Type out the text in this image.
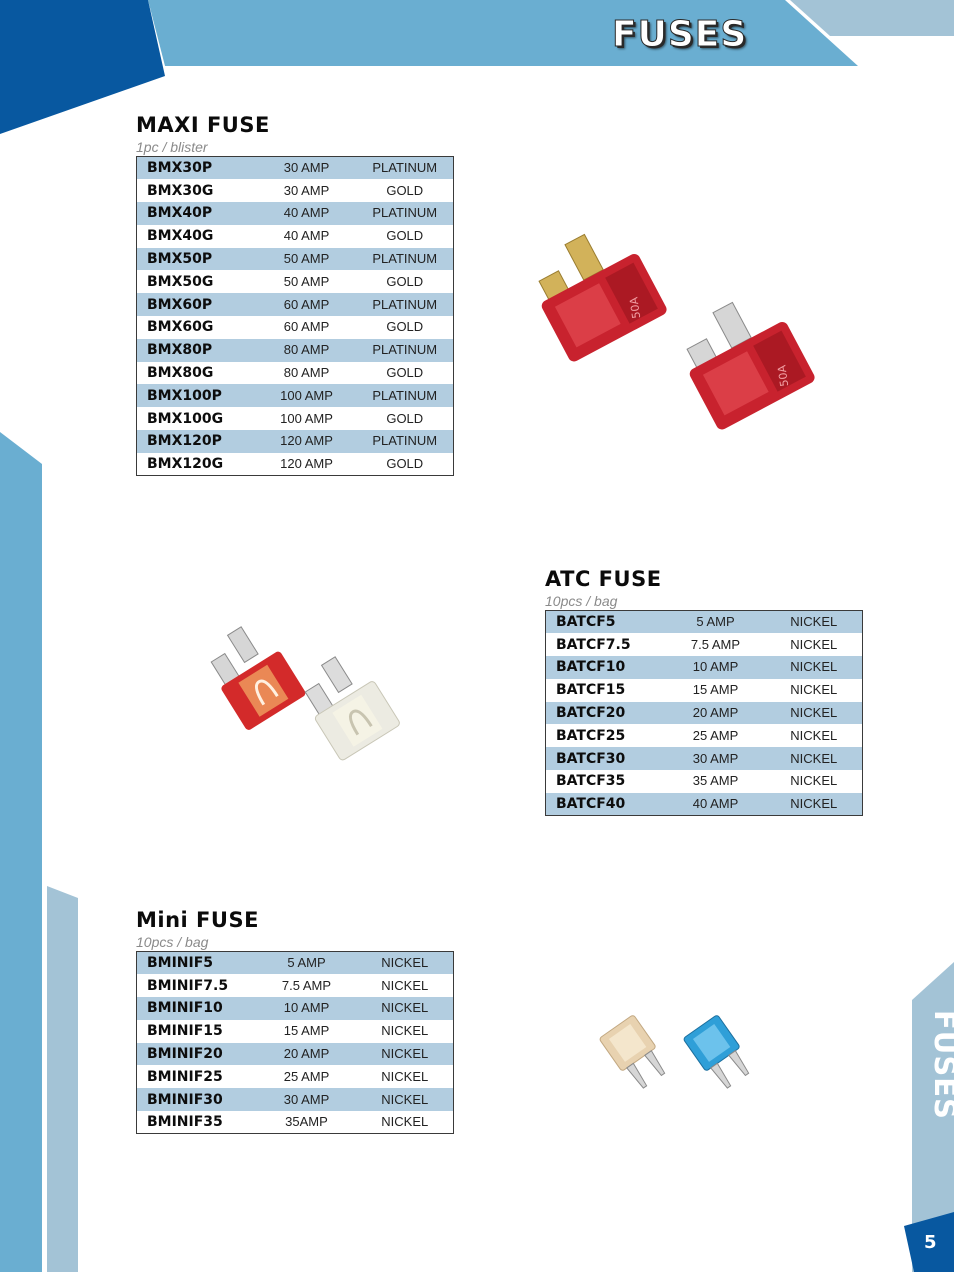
FUSES
FUSES
5
MAXI FUSE
1pc / blister
BMX30P	30 AMP	PLATINUM
BMX30G	30 AMP	GOLD
BMX40P	40 AMP	PLATINUM
BMX40G	40 AMP	GOLD
BMX50P	50 AMP	PLATINUM
BMX50G	50 AMP	GOLD
BMX60P	60 AMP	PLATINUM
BMX60G	60 AMP	GOLD
BMX80P	80 AMP	PLATINUM
BMX80G	80 AMP	GOLD
BMX100P	100 AMP	PLATINUM
BMX100G	100 AMP	GOLD
BMX120P	120 AMP	PLATINUM
BMX120G	120 AMP	GOLD
ATC FUSE
10pcs / bag
BATCF5	5 AMP	NICKEL
BATCF7.5	7.5 AMP	NICKEL
BATCF10	10 AMP	NICKEL
BATCF15	15 AMP	NICKEL
BATCF20	20 AMP	NICKEL
BATCF25	25 AMP	NICKEL
BATCF30	30 AMP	NICKEL
BATCF35	35 AMP	NICKEL
BATCF40	40 AMP	NICKEL
Mini FUSE
10pcs / bag
BMINIF5	5 AMP	NICKEL
BMINIF7.5	7.5 AMP	NICKEL
BMINIF10	10 AMP	NICKEL
BMINIF15	15 AMP	NICKEL
BMINIF20	20 AMP	NICKEL
BMINIF25	25 AMP	NICKEL
BMINIF30	30 AMP	NICKEL
BMINIF35	35AMP	NICKEL
50A
50A
